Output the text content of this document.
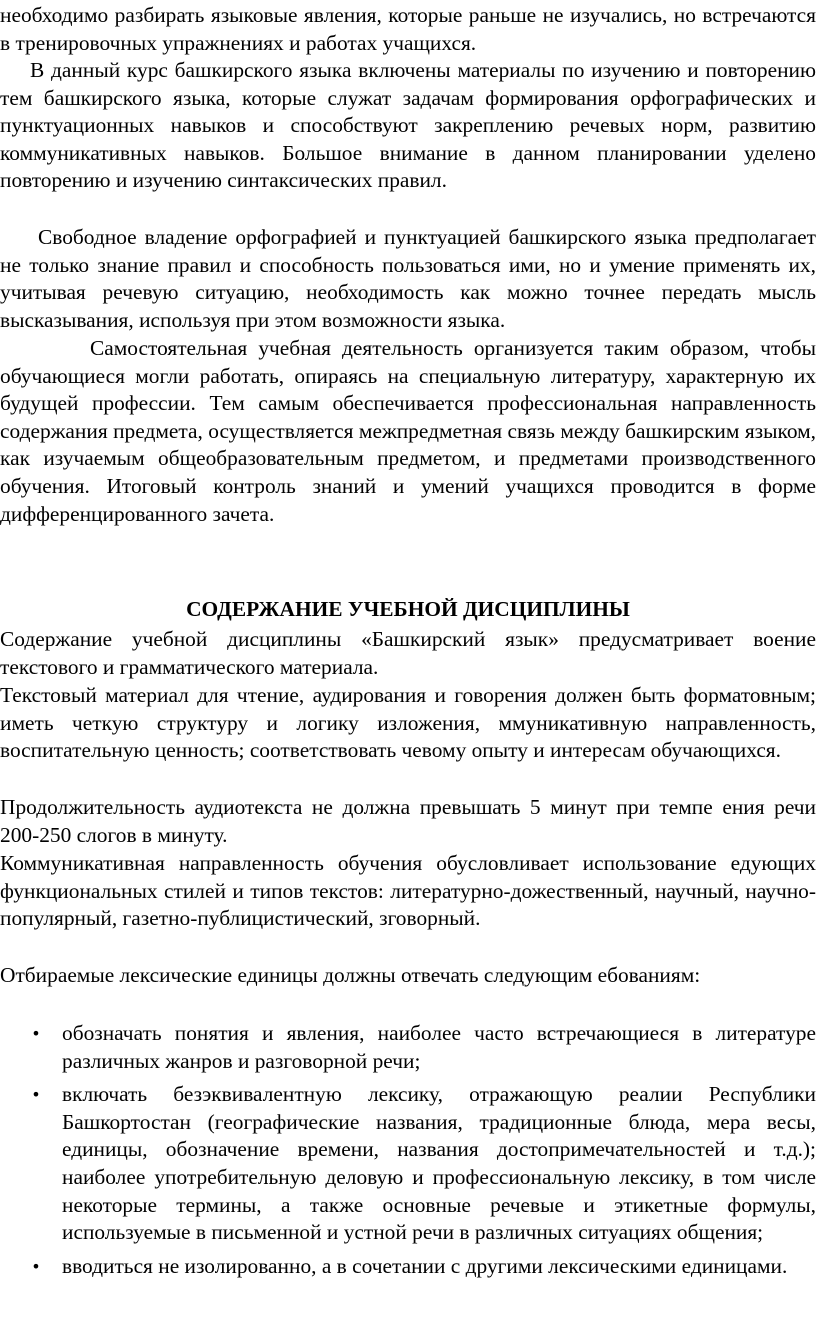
необходимо разбирать языковые явления, которые раньше не изучались, но встречаются в тренировочных упражнениях и работах учащихся.

В данный курс башкирского языка включены материалы по изучению и повторению тем башкирского языка, которые служат задачам формирования орфографических и пунктуационных навыков и способствуют закреплению речевых норм, развитию коммуникативных навыков. Большое внимание в данном планировании уделено повторению и изучению синтаксических правил.

Свободное владение орфографией и пунктуацией башкирского языка предполагает не только знание правил и способность пользоваться ими, но и умение применять их, учитывая речевую ситуацию, необходимость как можно точнее передать мысль высказывания, используя при этом возможности языка.

Самостоятельная учебная деятельность организуется таким образом, чтобы обучающиеся могли работать, опираясь на специальную литературу, характерную их будущей профессии. Тем самым обеспечивается профессиональная направленность содержания предмета, осуществляется межпредметная связь между башкирским языком, как изучаемым общеобразовательным предметом, и предметами производственного обучения. Итоговый контроль знаний и умений учащихся проводится в форме дифференцированного зачета.

СОДЕРЖАНИЕ УЧЕБНОЙ ДИСЦИПЛИНЫ

Содержание учебной дисциплины «Башкирский язык» предусматривает воение текстового и грамматического материала.

Текстовый материал для чтение, аудирования и говорения должен быть форматовным; иметь четкую структуру и логику изложения, ммуникативную направленность, воспитательную ценность; соответствовать чевому опыту и интересам обучающихся.

Продолжительность аудиотекста не должна превышать 5 минут при темпе ения речи 200-250 слогов в минуту.

Коммуникативная направленность обучения обусловливает использование едующих функциональных стилей и типов текстов: литературно-дожественный, научный, научно-популярный, газетно-публицистический, зговорный.

Отбираемые лексические единицы должны отвечать следующим ебованиям:

• обозначать понятия и явления, наиболее часто встречающиеся в литературе различных жанров и разговорной речи;
• включать безэквивалентную лексику, отражающую реалии Республики Башкортостан (географические названия, традиционные блюда, мера весы, единицы, обозначение времени, названия достопримечательностей и т.д.); наиболее употребительную деловую и профессиональную лексику, в том числе некоторые термины, а также основные речевые и этикетные формулы, используемые в письменной и устной речи в различных ситуациях общения;
• вводиться не изолированно, а в сочетании с другими лексическими единицами.
